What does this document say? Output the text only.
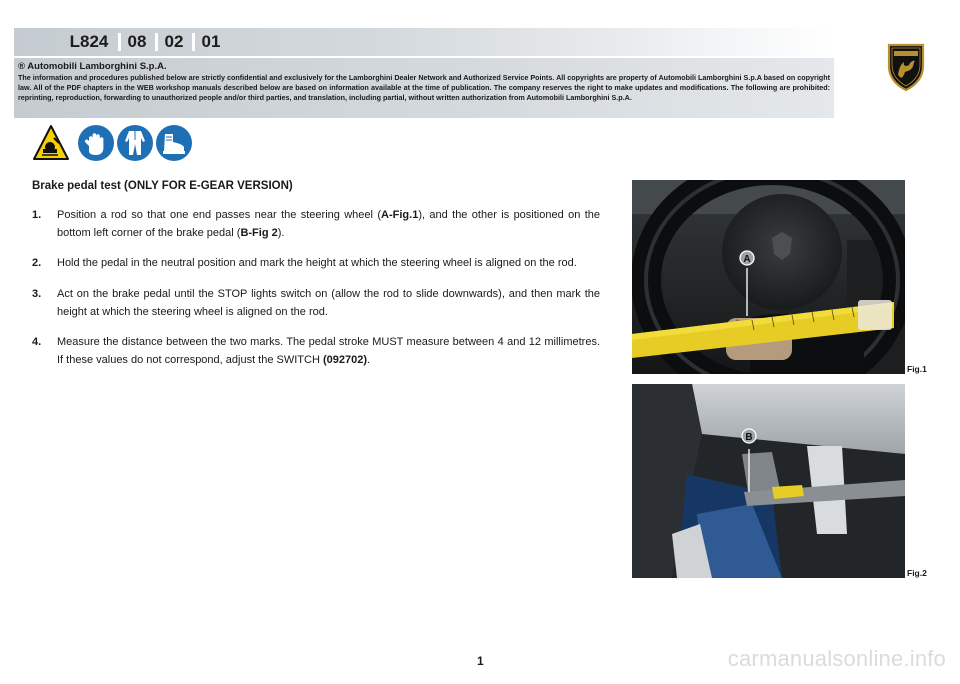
L824	08	02	01
® Automobili Lamborghini S.p.A.
The information and procedures published below are strictly confidential and exclusively for the Lamborghini Dealer Network and Authorized Service Points. All copyrights are property of Automobili Lamborghini S.p.A based on copyright law. All of the PDF chapters in the WEB workshop manuals described below are based on information available at the time of publication. The company reserves the right to make updates and modifications. The following are prohibited: reprinting, reproduction, forwarding to unauthorized people and/or third parties, and translation, including partial, without written authorization from Automobili Lamborghini S.p.A.
Brake pedal test (ONLY FOR E-GEAR VERSION)
1. Position a rod so that one end passes near the steering wheel (A-Fig.1), and the other is positioned on the bottom left corner of the brake pedal (B-Fig 2).
2. Hold the pedal in the neutral position and mark the height at which the steering wheel is aligned on the rod.
3. Act on the brake pedal until the STOP lights switch on (allow the rod to slide downwards), and then mark the height at which the steering wheel is aligned on the rod.
4. Measure the distance between the two marks. The pedal stroke MUST measure between 4 and 12 millimetres. If these values do not correspond, adjust the SWITCH (092702).
A
Fig.1
B
Fig.2
1	carmanualsonline.info
